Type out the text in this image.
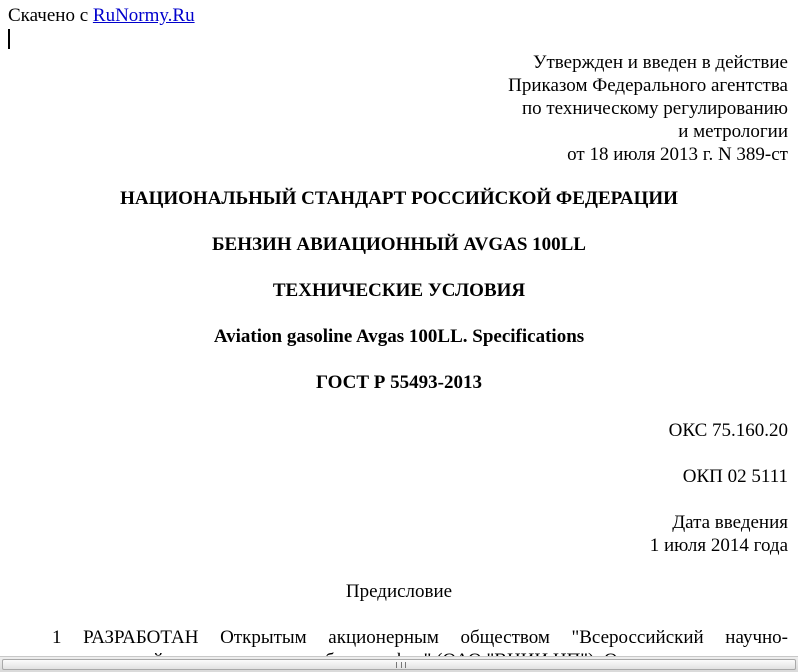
Скачено с RuNormy.Ru
Утвержден и введен в действие
Приказом Федерального агентства
по техническому регулированию
и метрологии
от 18 июля 2013 г. N 389-ст
НАЦИОНАЛЬНЫЙ СТАНДАРТ РОССИЙСКОЙ ФЕДЕРАЦИИ
БЕНЗИН АВИАЦИОННЫЙ AVGAS 100LL
ТЕХНИЧЕСКИЕ УСЛОВИЯ
Aviation gasoline Avgas 100LL. Specifications
ГОСТ Р 55493-2013
ОКС 75.160.20
ОКП 02 5111
Дата введения
1 июля 2014 года
Предисловие
1 РАЗРАБОТАН Открытым акционерным обществом "Всероссийский научно-
